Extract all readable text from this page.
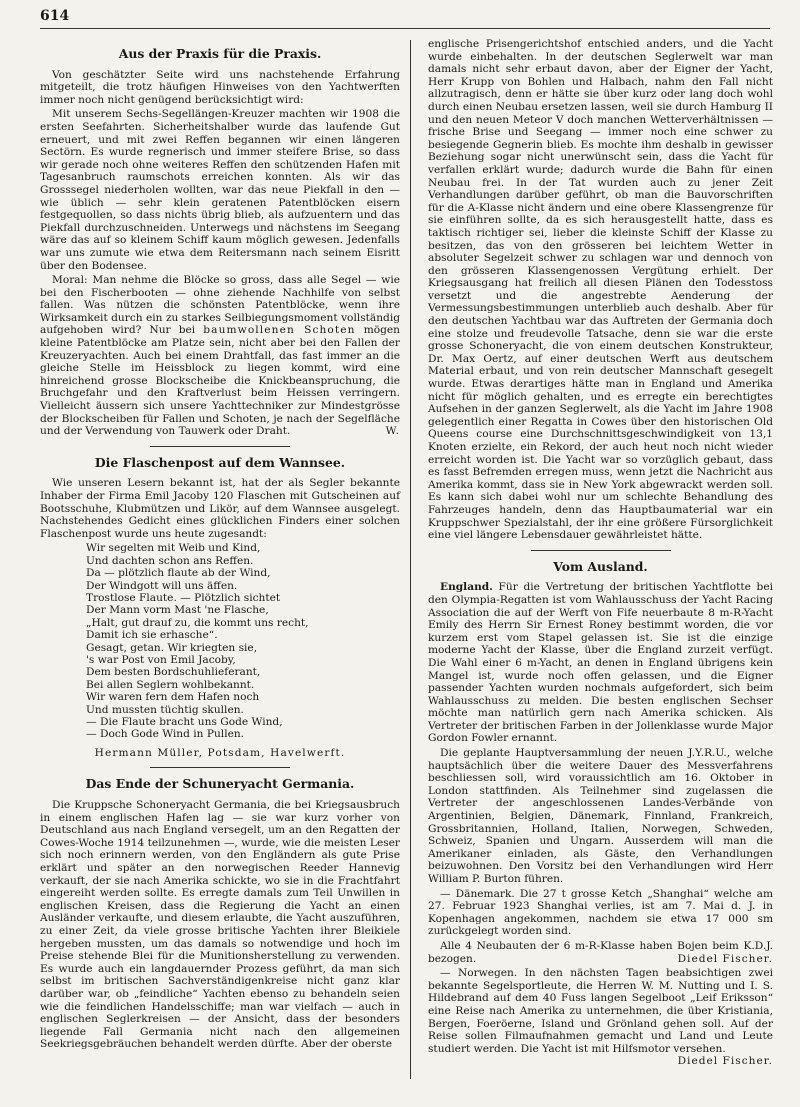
614
Aus der Praxis für die Praxis.

Von geschätzter Seite wird uns nachstehende Erfahrung mitgeteilt, die trotz häufigen Hinweises von den Yachtwerften immer noch nicht genügend berücksichtigt wird:

Mit unserem Sechs-Segellängen-Kreuzer machten wir 1908 die ersten Seefahrten. Sicherheitshalber wurde das laufende Gut erneuert, und mit zwei Reffen begannen wir einen längeren Sectörn. Es wurde regnerisch und immer steifere Brise, so dass wir gerade noch ohne weiteres Reffen den schützenden Hafen mit Tagesanbruch raumschots erreichen konnten. Als wir das Grosssegel niederholen wollten, war das neue Piekfall in den — wie üblich — sehr klein geratenen Patentblöcken eisern festgequollen, so dass nichts übrig blieb, als aufzuentern und das Piekfall durchzuschneiden. Unterwegs und nächstens im Seegang wäre das auf so kleinem Schiff kaum möglich gewesen. Jedenfalls war uns zumute wie etwa dem Reitersmann nach seinem Eisritt über den Bodensee.

Moral: Man nehme die Blöcke so gross, dass alle Segel — wie bei den Fischerbooten — ohne ziehende Nachhilfe von selbst fallen. Was nützen die schönsten Patentblöcke, wenn ihre Wirksamkeit durch ein zu starkes Seilbiegungsmoment vollständig aufgehoben wird? Nur bei baumwollenen Schoten mögen kleine Patentblöcke am Platze sein, nicht aber bei den Fallen der Kreuzeryachten. Auch bei einem Drahtfall, das fast immer an die gleiche Stelle im Heissblock zu liegen kommt, wird eine hinreichend grosse Blockscheibe die Knickbeanspruchung, die Bruchgefahr und den Kraftverlust beim Heissen verringern. Vielleicht äussern sich unsere Yachttechniker zur Mindestgrösse der Blockscheiben für Fallen und Schoten, je nach der Segelfläche und der Verwendung von Tauwerk oder Draht.	W.

Die Flaschenpost auf dem Wannsee.

Wie unseren Lesern bekannt ist, hat der als Segler bekannte Inhaber der Firma Emil Jacoby 120 Flaschen mit Gutscheinen auf Bootsschuhe, Klubmützen und Likör, auf dem Wannsee ausgelegt. Nachstehendes Gedicht eines glücklichen Finders einer solchen Flaschenpost wurde uns heute zugesandt:

Wir segelten mit Weib und Kind,
Und dachten schon ans Reffen.
Da — plötzlich flaute ab der Wind,
Der Windgott will uns äffen.
Trostlose Flaute. — Plötzlich sichtet
Der Mann vorm Mast 'ne Flasche,
„Halt, gut drauf zu, die kommt uns recht,
Damit ich sie erhasche“.
Gesagt, getan. Wir kriegten sie,
's war Post von Emil Jacoby,
Dem besten Bordschuhlieferant,
Bei allen Seglern wohlbekannt.
Wir waren fern dem Hafen noch
Und mussten tüchtig skullen.
— Die Flaute bracht uns Gode Wind,
— Doch Gode Wind in Pullen.
Hermann Müller, Potsdam, Havelwerft.
Das Ende der Schuneryacht Germania.

Die Kruppsche Schoneryacht Germania, die bei Kriegsausbruch in einem englischen Hafen lag — sie war kurz vorher von Deutschland aus nach England versegelt, um an den Regatten der Cowes-Woche 1914 teilzunehmen —, wurde, wie die meisten Leser sich noch erinnern werden, von den Engländern als gute Prise erklärt und später an den norwegischen Reeder Hannevig verkauft, der sie nach Amerika schickte, wo sie in die Frachtfahrt eingereiht werden sollte. Es erregte damals zum Teil Unwillen in englischen Kreisen, dass die Regierung die Yacht an einen Ausländer verkaufte, und diesem erlaubte, die Yacht auszuführen, zu einer Zeit, da viele grosse britische Yachten ihrer Bleikiele hergeben mussten, um das damals so notwendige und hoch im Preise stehende Blei für die Munitionsherstellung zu verwenden. Es wurde auch ein langdauernder Prozess geführt, da man sich selbst im britischen Sachverständigenkreise nicht ganz klar darüber war, ob „feindliche“ Yachten ebenso zu behandeln seien wie die feindlichen Handelsschiffe; man war vielfach — auch in englischen Seglerkreisen — der Ansicht, dass der besonders liegende Fall Germania nicht nach den allgemeinen Seekriegsgebräuchen behandelt werden dürfte. Aber der oberste

englische Prisengerichtshof entschied anders, und die Yacht wurde einbehalten. In der deutschen Seglerwelt war man damals nicht sehr erbaut davon, aber der Eigner der Yacht, Herr Krupp von Bohlen und Halbach, nahm den Fall nicht allzutragisch, denn er hätte sie über kurz oder lang doch wohl durch einen Neubau ersetzen lassen, weil sie durch Hamburg II und den neuen Meteor V doch manchen Wetterverhältnissen — frische Brise und Seegang — immer noch eine schwer zu besiegende Gegnerin blieb. Es mochte ihm deshalb in gewisser Beziehung sogar nicht unerwünscht sein, dass die Yacht für verfallen erklärt wurde; dadurch wurde die Bahn für einen Neubau frei. In der Tat wurden auch zu jener Zeit Verhandlungen darüber geführt, ob man die Bauvorschriften für die A-Klasse nicht ändern und eine obere Klassengrenze für sie einführen sollte, da es sich herausgestellt hatte, dass es taktisch richtiger sei, lieber die kleinste Schiff der Klasse zu besitzen, das von den grösseren bei leichtem Wetter in absoluter Segelzeit schwer zu schlagen war und dennoch von den grösseren Klassengenossen Vergütung erhielt. Der Kriegsausgang hat freilich all diesen Plänen den Todesstoss versetzt und die angestrebte Aenderung der Vermessungsbestimmungen unterblieb auch deshalb. Aber für den deutschen Yachtbau war das Auftreten der Germania doch eine stolze und freudevolle Tatsache, denn sie war die erste grosse Schoneryacht, die von einem deutschen Konstrukteur, Dr. Max Oertz, auf einer deutschen Werft aus deutschem Material erbaut, und von rein deutscher Mannschaft gesegelt wurde. Etwas derartiges hätte man in England und Amerika nicht für möglich gehalten, und es erregte ein berechtigtes Aufsehen in der ganzen Seglerwelt, als die Yacht im Jahre 1908 gelegentlich einer Regatta in Cowes über den historischen Old Queens course eine Durchschnittsgeschwindigkeit von 13,1 Knoten erzielte, ein Rekord, der auch heut noch nicht wieder erreicht worden ist. Die Yacht war so vorzüglich gebaut, dass es fasst Befremden erregen muss, wenn jetzt die Nachricht aus Amerika kommt, dass sie in New York abgewrackt werden soll. Es kann sich dabei wohl nur um schlechte Behandlung des Fahrzeuges handeln, denn das Hauptbaumaterial war ein Kruppschwer Spezialstahl, der ihr eine größere Fürsorglichkeit eine viel längere Lebensdauer gewährleistet hätte.

Vom Ausland.

England. Für die Vertretung der britischen Yachtflotte bei den Olympia-Regatten ist vom Wahlausschuss der Yacht Racing Association die auf der Werft von Fife neuerbaute 8 m-R-Yacht Emily des Herrn Sir Ernest Roney bestimmt worden, die vor kurzem erst vom Stapel gelassen ist. Sie ist die einzige moderne Yacht der Klasse, über die England zurzeit verfügt. Die Wahl einer 6 m-Yacht, an denen in England übrigens kein Mangel ist, wurde noch offen gelassen, und die Eigner passender Yachten wurden nochmals aufgefordert, sich beim Wahlausschuss zu melden. Die besten englischen Sechser möchte man natürlich gern nach Amerika schicken. Als Vertreter der britischen Farben in der Jollenklasse wurde Major Gordon Fowler ernannt.

Die geplante Hauptversammlung der neuen J.Y.R.U., welche hauptsächlich über die weitere Dauer des Messverfahrens beschliessen soll, wird voraussichtlich am 16. Oktober in London stattfinden. Als Teilnehmer sind zugelassen die Vertreter der angeschlossenen Landes-Verbände von Argentinien, Belgien, Dänemark, Finnland, Frankreich, Grossbritannien, Holland, Italien, Norwegen, Schweden, Schweiz, Spanien und Ungarn. Ausserdem will man die Amerikaner einladen, als Gäste, den Verhandlungen beizuwohnen. Den Vorsitz bei den Verhandlungen wird Herr William P. Burton führen.

— Dänemark. Die 27 t grosse Ketch „Shanghai“ welche am 27. Februar 1923 Shanghai verlies, ist am 7. Mai d. J. in Kopenhagen angekommen, nachdem sie etwa 17 000 sm zurückgelegt worden sind.

Alle 4 Neubauten der 6 m-R-Klasse haben Bojen beim K.D.J. bezogen.	Diedel Fischer.

— Norwegen. In den nächsten Tagen beabsichtigen zwei bekannte Segelsportleute, die Herren W. M. Nutting und I. S. Hildebrand auf dem 40 Fuss langen Segelboot „Leif Eriksson“ eine Reise nach Amerika zu unternehmen, die über Kristiania, Bergen, Foeröerne, Island und Grönland gehen soll. Auf der Reise sollen Filmaufnahmen gemacht und Land und Leute studiert werden. Die Yacht ist mit Hilfsmotor versehen.
Diedel Fischer.
